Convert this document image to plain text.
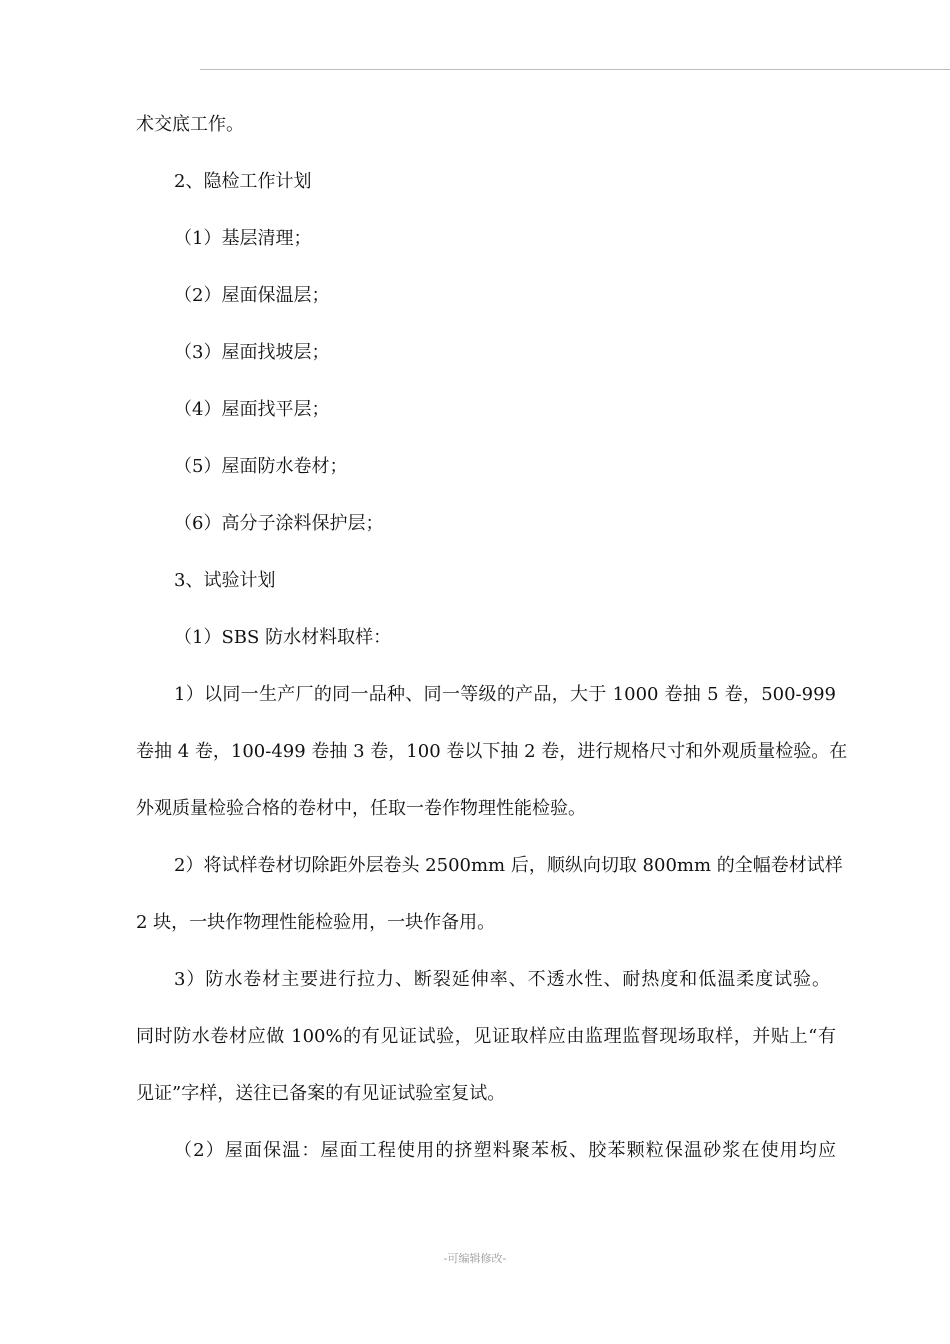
术交底工作。
2、隐检工作计划
（1）基层清理；
（2）屋面保温层；
（3）屋面找坡层；
（4）屋面找平层；
（5）屋面防水卷材；
（6）高分子涂料保护层；
3、试验计划
（1）SBS 防水材料取样：
1）以同一生产厂的同一品种、同一等级的产品，大于 1000 卷抽 5 卷，500-999
卷抽 4 卷，100-499 卷抽 3 卷，100 卷以下抽 2 卷，进行规格尺寸和外观质量检验。在
外观质量检验合格的卷材中，任取一卷作物理性能检验。
2）将试样卷材切除距外层卷头 2500mm 后，顺纵向切取 800mm 的全幅卷材试样
2 块，一块作物理性能检验用，一块作备用。
3）防水卷材主要进行拉力、断裂延伸率、不透水性、耐热度和低温柔度试验。
同时防水卷材应做 100%的有见证试验，见证取样应由监理监督现场取样，并贴上“有
见证”字样，送往已备案的有见证试验室复试。
（2）屋面保温：屋面工程使用的挤塑料聚苯板、胶苯颗粒保温砂浆在使用均应
-可编辑修改-
